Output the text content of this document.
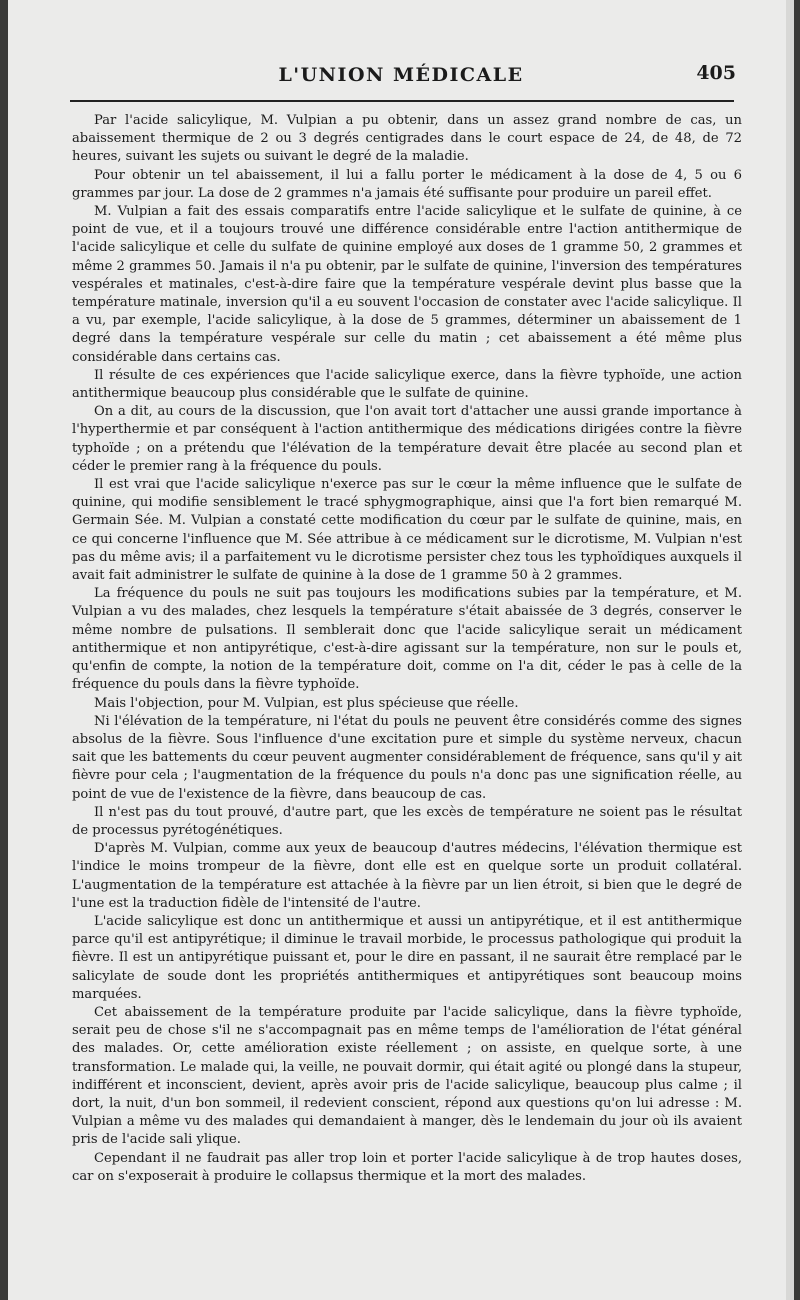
L'UNION MÉDICALE	405

Par l'acide salicylique, M. Vulpian a pu obtenir, dans un assez grand nombre de cas, un abaissement thermique de 2 ou 3 degrés centigrades dans le court espace de 24, de 48, de 72 heures, suivant les sujets ou suivant le degré de la maladie.

Pour obtenir un tel abaissement, il lui a fallu porter le médicament à la dose de 4, 5 ou 6 grammes par jour. La dose de 2 grammes n'a jamais été suffisante pour produire un pareil effet.

M. Vulpian a fait des essais comparatifs entre l'acide salicylique et le sulfate de quinine, à ce point de vue, et il a toujours trouvé une différence considérable entre l'action antithermique de l'acide salicylique et celle du sulfate de quinine employé aux doses de 1 gramme 50, 2 grammes et même 2 grammes 50. Jamais il n'a pu obtenir, par le sulfate de quinine, l'inversion des températures vespérales et matinales, c'est-à-dire faire que la température vespérale devint plus basse que la température matinale, inversion qu'il a eu souvent l'occasion de constater avec l'acide salicylique. Il a vu, par exemple, l'acide salicylique, à la dose de 5 grammes, déterminer un abaissement de 1 degré dans la température vespérale sur celle du matin ; cet abaissement a été même plus considérable dans certains cas.

Il résulte de ces expériences que l'acide salicylique exerce, dans la fièvre typhoïde, une action antithermique beaucoup plus considérable que le sulfate de quinine.

On a dit, au cours de la discussion, que l'on avait tort d'attacher une aussi grande importance à l'hyperthermie et par conséquent à l'action antithermique des médications dirigées contre la fièvre typhoïde ; on a prétendu que l'élévation de la température devait être placée au second plan et céder le premier rang à la fréquence du pouls.

Il est vrai que l'acide salicylique n'exerce pas sur le cœur la même influence que le sulfate de quinine, qui modifie sensiblement le tracé sphygmographique, ainsi que l'a fort bien remarqué M. Germain Sée. M. Vulpian a constaté cette modification du cœur par le sulfate de quinine, mais, en ce qui concerne l'influence que M. Sée attribue à ce médicament sur le dicrotisme, M. Vulpian n'est pas du même avis; il a parfaitement vu le dicrotisme persister chez tous les typhoïdiques auxquels il avait fait administrer le sulfate de quinine à la dose de 1 gramme 50 à 2 grammes.

La fréquence du pouls ne suit pas toujours les modifications subies par la température, et M. Vulpian a vu des malades, chez lesquels la température s'était abaissée de 3 degrés, conserver le même nombre de pulsations. Il semblerait donc que l'acide salicylique serait un médicament antithermique et non antipyrétique, c'est-à-dire agissant sur la température, non sur le pouls et, qu'enfin de compte, la notion de la température doit, comme on l'a dit, céder le pas à celle de la fréquence du pouls dans la fièvre typhoïde.

Mais l'objection, pour M. Vulpian, est plus spécieuse que réelle.

Ni l'élévation de la température, ni l'état du pouls ne peuvent être considérés comme des signes absolus de la fièvre. Sous l'influence d'une excitation pure et simple du système nerveux, chacun sait que les battements du cœur peuvent augmenter considérablement de fréquence, sans qu'il y ait fièvre pour cela ; l'augmentation de la fréquence du pouls n'a donc pas une signification réelle, au point de vue de l'existence de la fièvre, dans beaucoup de cas.

Il n'est pas du tout prouvé, d'autre part, que les excès de température ne soient pas le résultat de processus pyrétogénétiques.

D'après M. Vulpian, comme aux yeux de beaucoup d'autres médecins, l'élévation thermique est l'indice le moins trompeur de la fièvre, dont elle est en quelque sorte un produit collatéral. L'augmentation de la température est attachée à la fièvre par un lien étroit, si bien que le degré de l'une est la traduction fidèle de l'intensité de l'autre.

L'acide salicylique est donc un antithermique et aussi un antipyrétique, et il est antithermique parce qu'il est antipyrétique; il diminue le travail morbide, le processus pathologique qui produit la fièvre. Il est un antipyrétique puissant et, pour le dire en passant, il ne saurait être remplacé par le salicylate de soude dont les propriétés antithermiques et antipyrétiques sont beaucoup moins marquées.

Cet abaissement de la température produite par l'acide salicylique, dans la fièvre typhoïde, serait peu de chose s'il ne s'accompagnait pas en même temps de l'amélioration de l'état général des malades. Or, cette amélioration existe réellement ; on assiste, en quelque sorte, à une transformation. Le malade qui, la veille, ne pouvait dormir, qui était agité ou plongé dans la stupeur, indifférent et inconscient, devient, après avoir pris de l'acide salicylique, beaucoup plus calme ; il dort, la nuit, d'un bon sommeil, il redevient conscient, répond aux questions qu'on lui adresse : M. Vulpian a même vu des malades qui demandaient à manger, dès le lendemain du jour où ils avaient pris de l'acide sali ylique.

Cependant il ne faudrait pas aller trop loin et porter l'acide salicylique à de trop hautes doses, car on s'exposerait à produire le collapsus thermique et la mort des malades.
